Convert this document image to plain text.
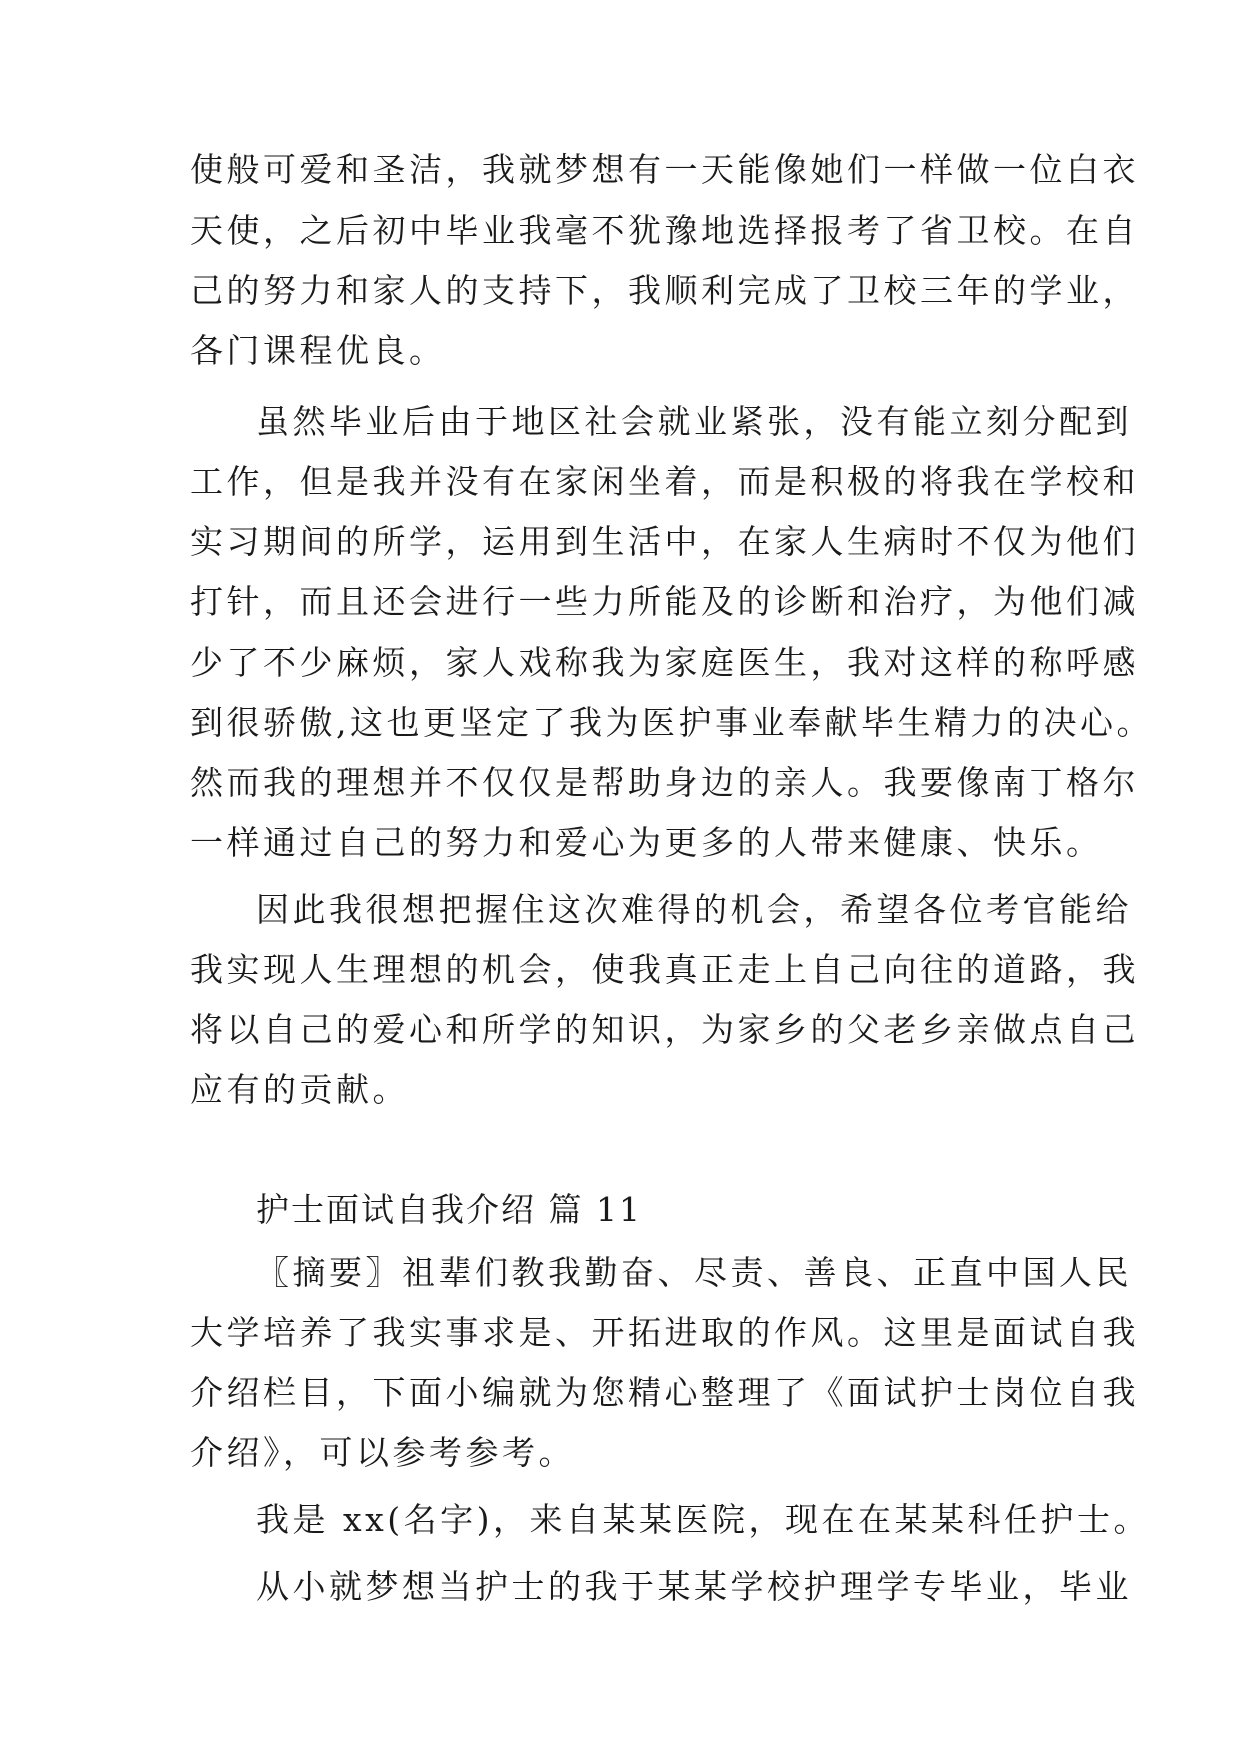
使般可爱和圣洁，我就梦想有一天能像她们一样做一位白衣

天使，之后初中毕业我毫不犹豫地选择报考了省卫校。在自

己的努力和家人的支持下，我顺利完成了卫校三年的学业，

各门课程优良。

虽然毕业后由于地区社会就业紧张，没有能立刻分配到

工作，但是我并没有在家闲坐着，而是积极的将我在学校和

实习期间的所学，运用到生活中，在家人生病时不仅为他们

打针，而且还会进行一些力所能及的诊断和治疗，为他们减

少了不少麻烦，家人戏称我为家庭医生，我对这样的称呼感

到很骄傲,这也更坚定了我为医护事业奉献毕生精力的决心。

然而我的理想并不仅仅是帮助身边的亲人。我要像南丁格尔

一样通过自己的努力和爱心为更多的人带来健康、快乐。

因此我很想把握住这次难得的机会，希望各位考官能给

我实现人生理想的机会，使我真正走上自己向往的道路，我

将以自己的爱心和所学的知识，为家乡的父老乡亲做点自己

应有的贡献。

护士面试自我介绍 篇 11

〖摘要〗祖辈们教我勤奋、尽责、善良、正直中国人民

大学培养了我实事求是、开拓进取的作风。这里是面试自我

介绍栏目，下面小编就为您精心整理了《面试护士岗位自我

介绍》，可以参考参考。

我是 xx(名字)，来自某某医院，现在在某某科任护士。

从小就梦想当护士的我于某某学校护理学专毕业，毕业
